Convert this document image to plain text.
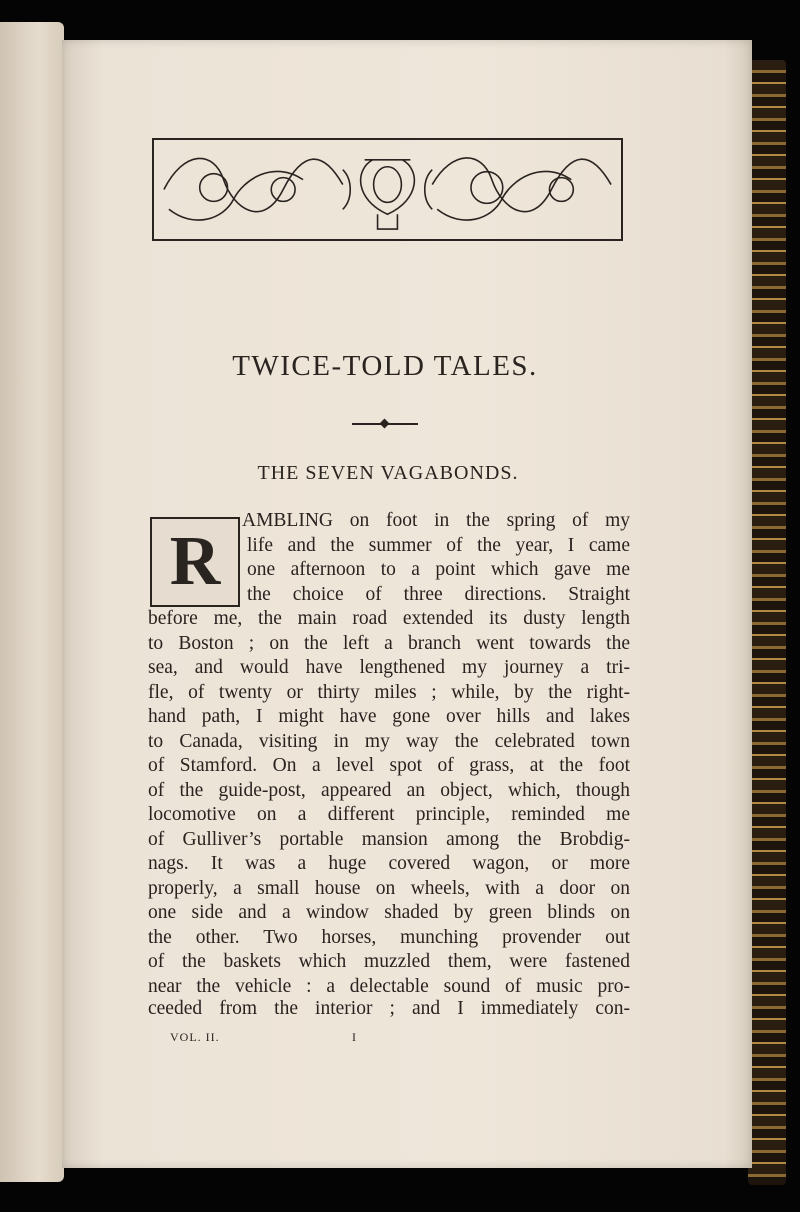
TWICE-TOLD TALES.
THE SEVEN VAGABONDS.
R
AMBLING on foot in the spring of my
life and the summer of the year, I came
one afternoon to a point which gave me
the choice of three directions. Straight
before me, the main road extended its dusty length
to Boston ; on the left a branch went towards the
sea, and would have lengthened my journey a tri-
fle, of twenty or thirty miles ; while, by the right-
hand path, I might have gone over hills and lakes
to Canada, visiting in my way the celebrated town
of Stamford. On a level spot of grass, at the foot
of the guide-post, appeared an object, which, though
locomotive on a different principle, reminded me
of Gulliver’s portable mansion among the Brobdig-
nags. It was a huge covered wagon, or more
properly, a small house on wheels, with a door on
one side and a window shaded by green blinds on
the other. Two horses, munching provender out
of the baskets which muzzled them, were fastened
near the vehicle : a delectable sound of music pro-
ceeded from the interior ; and I immediately con-
VOL. II.	I
